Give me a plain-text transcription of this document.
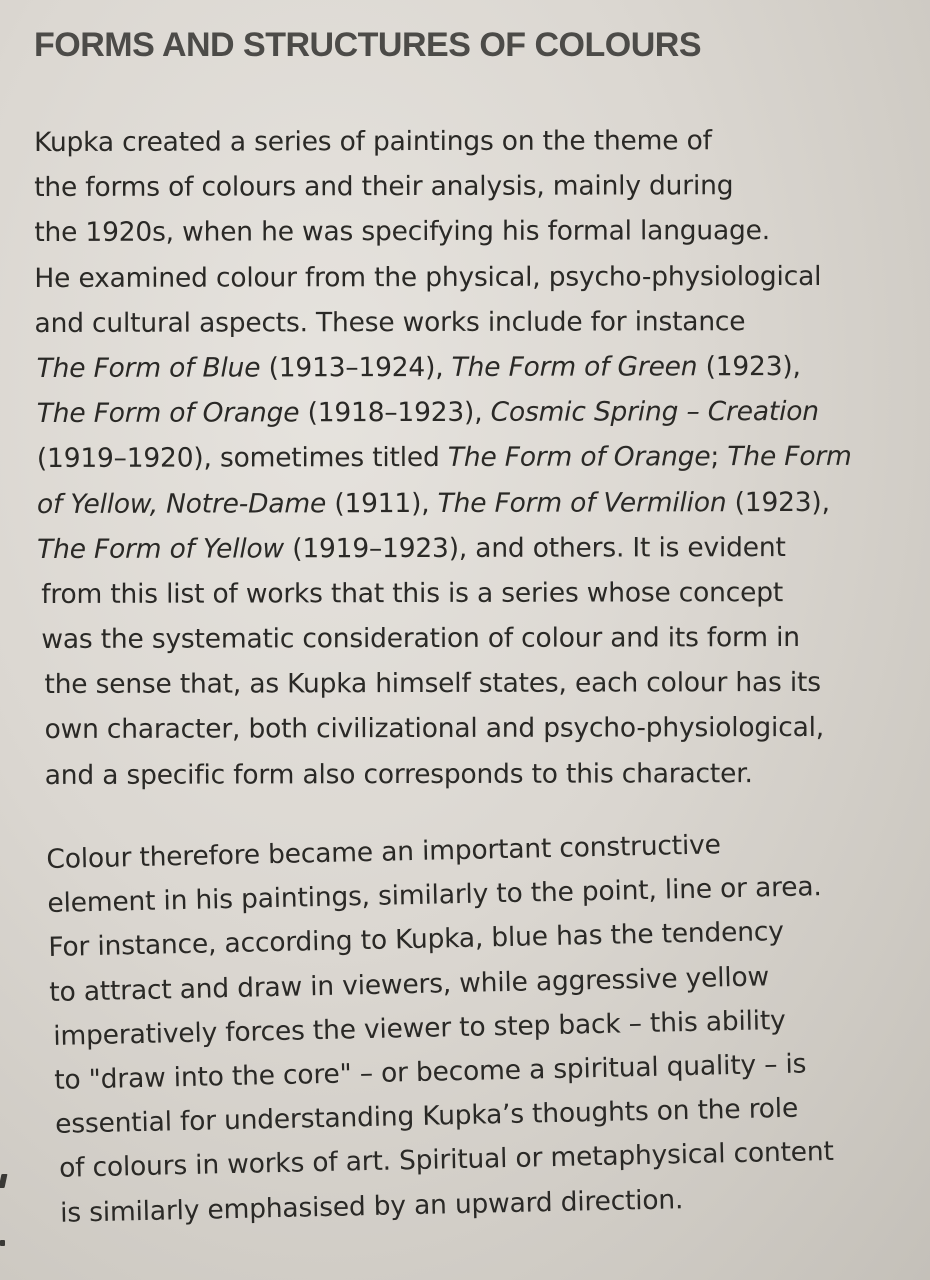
FORMS AND STRUCTURES OF COLOURS
Kupka created a series of paintings on the theme of
the forms of colours and their analysis, mainly during
the 1920s, when he was specifying his formal language.
He examined colour from the physical, psycho-physiological
and cultural aspects. These works include for instance
The Form of Blue (1913–1924), The Form of Green (1923),
The Form of Orange (1918–1923), Cosmic Spring – Creation
(1919–1920), sometimes titled The Form of Orange; The Form
of Yellow, Notre-Dame (1911), The Form of Vermilion (1923),
The Form of Yellow (1919–1923), and others. It is evident
from this list of works that this is a series whose concept
was the systematic consideration of colour and its form in
the sense that, as Kupka himself states, each colour has its
own character, both civilizational and psycho-physiological,
and a specific form also corresponds to this character.
Colour therefore became an important constructive
element in his paintings, similarly to the point, line or area.
For instance, according to Kupka, blue has the tendency
to attract and draw in viewers, while aggressive yellow
imperatively forces the viewer to step back – this ability
to "draw into the core" – or become a spiritual quality – is
essential for understanding Kupka’s thoughts on the role
of colours in works of art. Spiritual or metaphysical content
is similarly emphasised by an upward direction.
